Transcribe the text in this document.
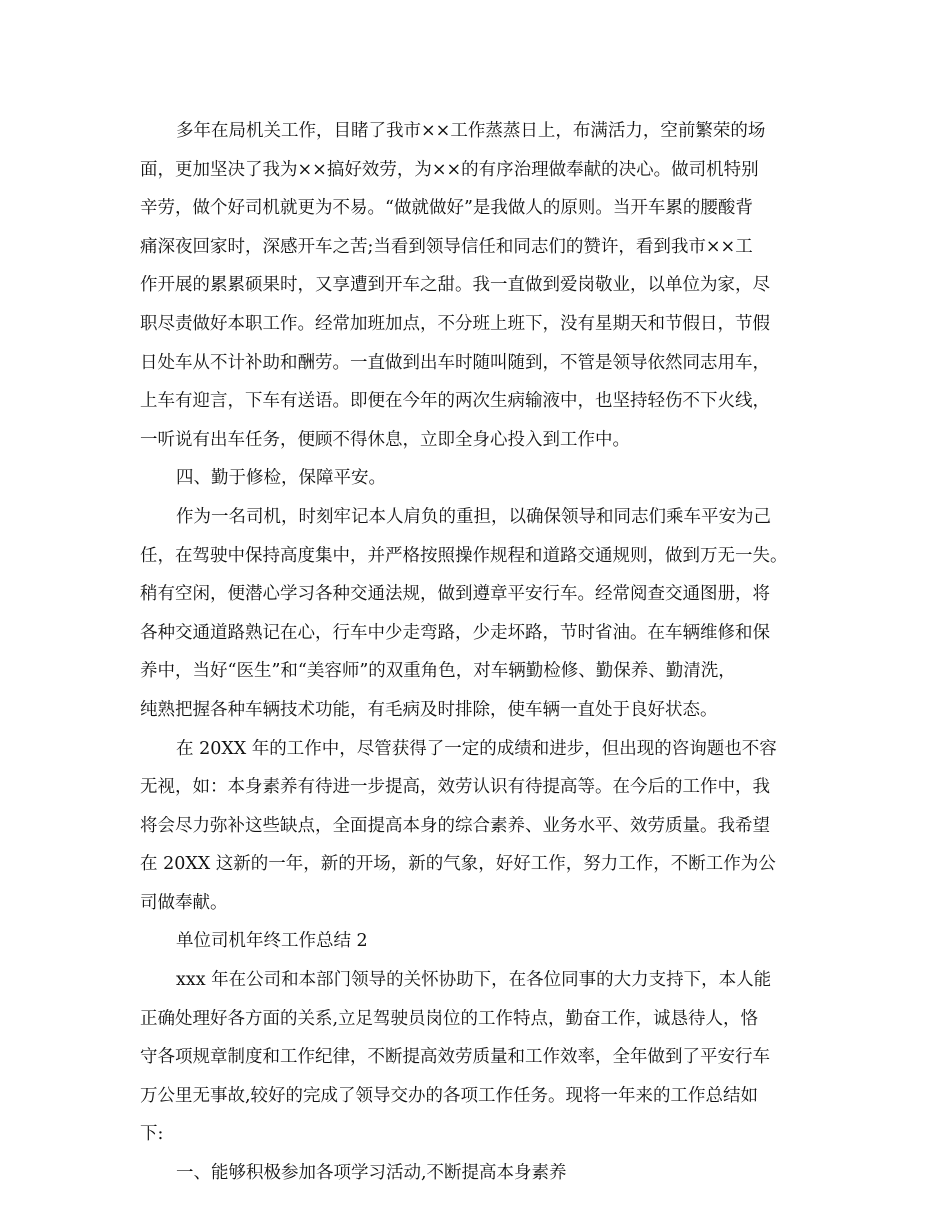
多年在局机关工作，目睹了我市××工作蒸蒸日上，布满活力，空前繁荣的场
面，更加坚决了我为××搞好效劳，为××的有序治理做奉献的决心。做司机特别
辛劳，做个好司机就更为不易。“做就做好”是我做人的原则。当开车累的腰酸背
痛深夜回家时，深感开车之苦;当看到领导信任和同志们的赞许，看到我市××工
作开展的累累硕果时，又享遭到开车之甜。我一直做到爱岗敬业，以单位为家，尽
职尽责做好本职工作。经常加班加点，不分班上班下，没有星期天和节假日，节假
日处车从不计补助和酬劳。一直做到出车时随叫随到，不管是领导依然同志用车，
上车有迎言，下车有送语。即便在今年的两次生病输液中，也坚持轻伤不下火线，
一听说有出车任务，便顾不得休息，立即全身心投入到工作中。
四、勤于修检，保障平安。
作为一名司机，时刻牢记本人肩负的重担，以确保领导和同志们乘车平安为己
任，在驾驶中保持高度集中，并严格按照操作规程和道路交通规则，做到万无一失。
稍有空闲，便潜心学习各种交通法规，做到遵章平安行车。经常阅查交通图册，将
各种交通道路熟记在心，行车中少走弯路，少走坏路，节时省油。在车辆维修和保
养中，当好“医生”和“美容师”的双重角色，对车辆勤检修、勤保养、勤清洗，
纯熟把握各种车辆技术功能，有毛病及时排除，使车辆一直处于良好状态。
在 20XX 年的工作中，尽管获得了一定的成绩和进步，但出现的咨询题也不容
无视，如：本身素养有待进一步提高，效劳认识有待提高等。在今后的工作中，我
将会尽力弥补这些缺点，全面提高本身的综合素养、业务水平、效劳质量。我希望
在 20XX 这新的一年，新的开场，新的气象，好好工作，努力工作，不断工作为公
司做奉献。
单位司机年终工作总结 2
xxx 年在公司和本部门领导的关怀协助下，在各位同事的大力支持下，本人能
正确处理好各方面的关系,立足驾驶员岗位的工作特点，勤奋工作，诚恳待人，恪
守各项规章制度和工作纪律，不断提高效劳质量和工作效率，全年做到了平安行车
万公里无事故,较好的完成了领导交办的各项工作任务。现将一年来的工作总结如
下:
一、能够积极参加各项学习活动,不断提高本身素养
